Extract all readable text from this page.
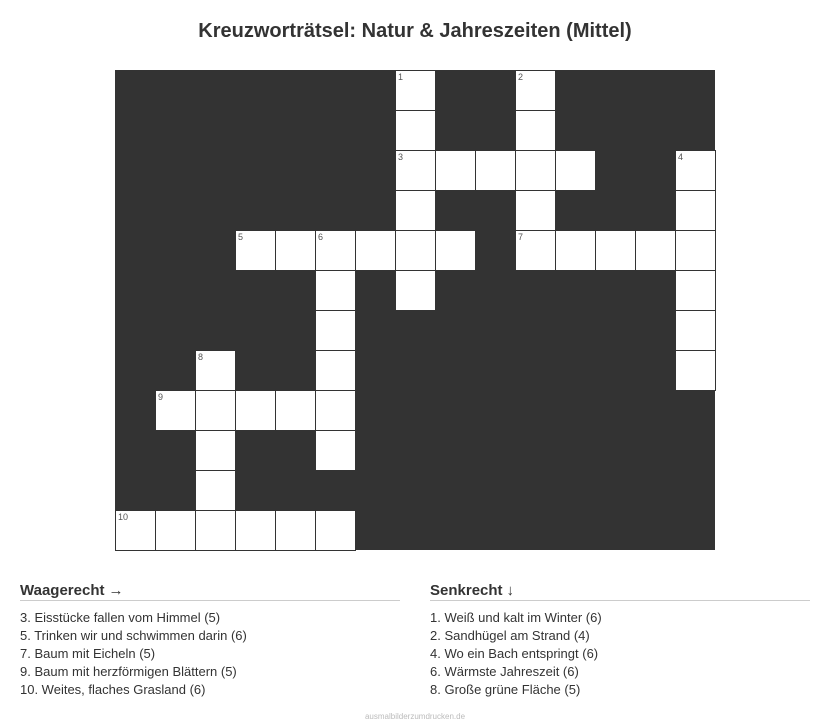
Kreuzworträtsel: Natur & Jahreszeiten (Mittel)
1	2
3	4
5	6	7
8
9
10
Waagerecht →
3. Eisstücke fallen vom Himmel (5)
5. Trinken wir und schwimmen darin (6)
7. Baum mit Eicheln (5)
9. Baum mit herzförmigen Blättern (5)
10. Weites, flaches Grasland (6)
Senkrecht ↓
1. Weiß und kalt im Winter (6)
2. Sandhügel am Strand (4)
4. Wo ein Bach entspringt (6)
6. Wärmste Jahreszeit (6)
8. Große grüne Fläche (5)
ausmalbilderzumdrucken.de
